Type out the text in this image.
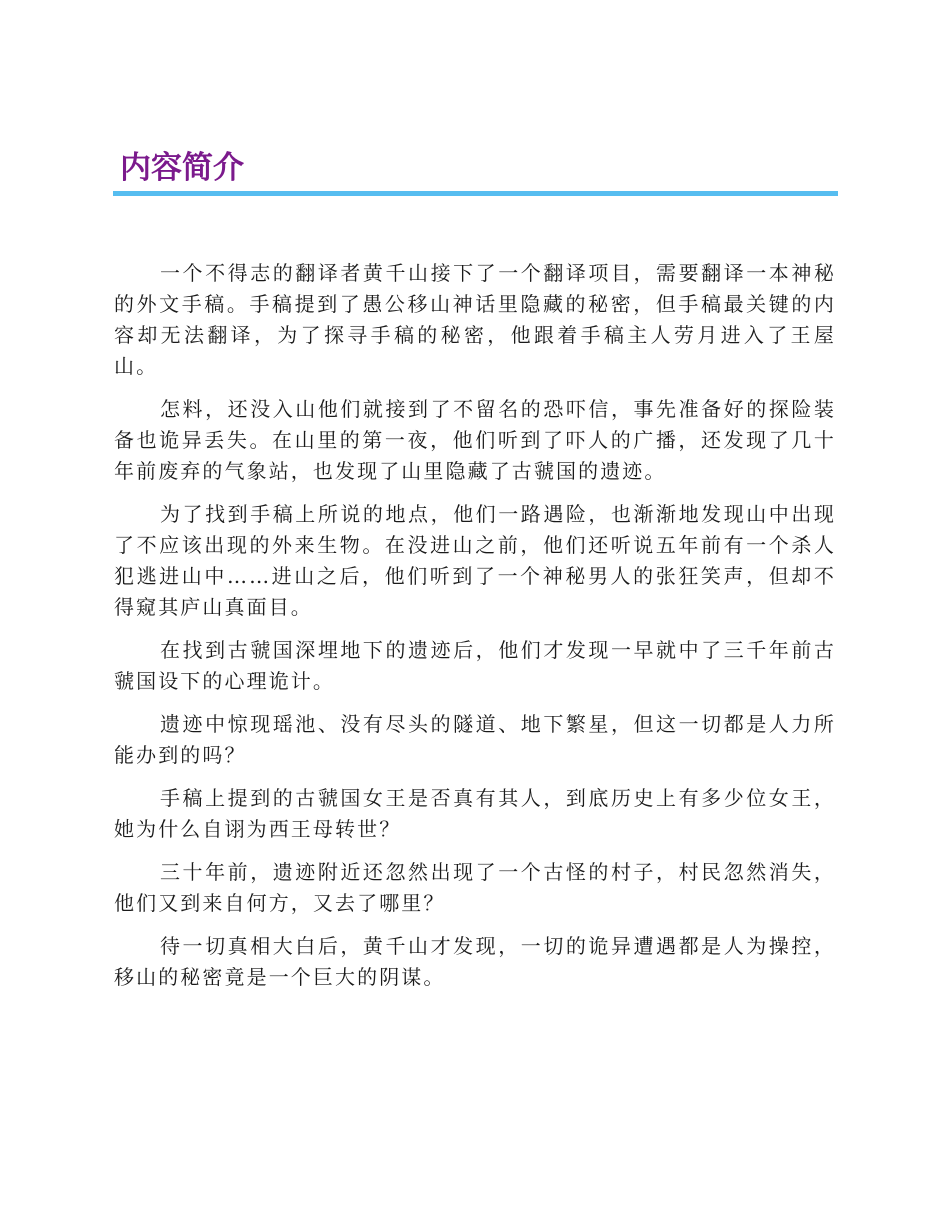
内容简介

一个不得志的翻译者黄千山接下了一个翻译项目，需要翻译一本神秘的外文手稿。手稿提到了愚公移山神话里隐藏的秘密，但手稿最关键的内容却无法翻译，为了探寻手稿的秘密，他跟着手稿主人劳月进入了王屋山。

怎料，还没入山他们就接到了不留名的恐吓信，事先准备好的探险装备也诡异丢失。在山里的第一夜，他们听到了吓人的广播，还发现了几十年前废弃的气象站，也发现了山里隐藏了古虢国的遗迹。

为了找到手稿上所说的地点，他们一路遇险，也渐渐地发现山中出现了不应该出现的外来生物。在没进山之前，他们还听说五年前有一个杀人犯逃进山中……进山之后，他们听到了一个神秘男人的张狂笑声，但却不得窥其庐山真面目。

在找到古虢国深埋地下的遗迹后，他们才发现一早就中了三千年前古虢国设下的心理诡计。

遗迹中惊现瑶池、没有尽头的隧道、地下繁星，但这一切都是人力所能办到的吗？

手稿上提到的古虢国女王是否真有其人，到底历史上有多少位女王，她为什么自诩为西王母转世？

三十年前，遗迹附近还忽然出现了一个古怪的村子，村民忽然消失，他们又到来自何方，又去了哪里？

待一切真相大白后，黄千山才发现，一切的诡异遭遇都是人为操控，移山的秘密竟是一个巨大的阴谋。
